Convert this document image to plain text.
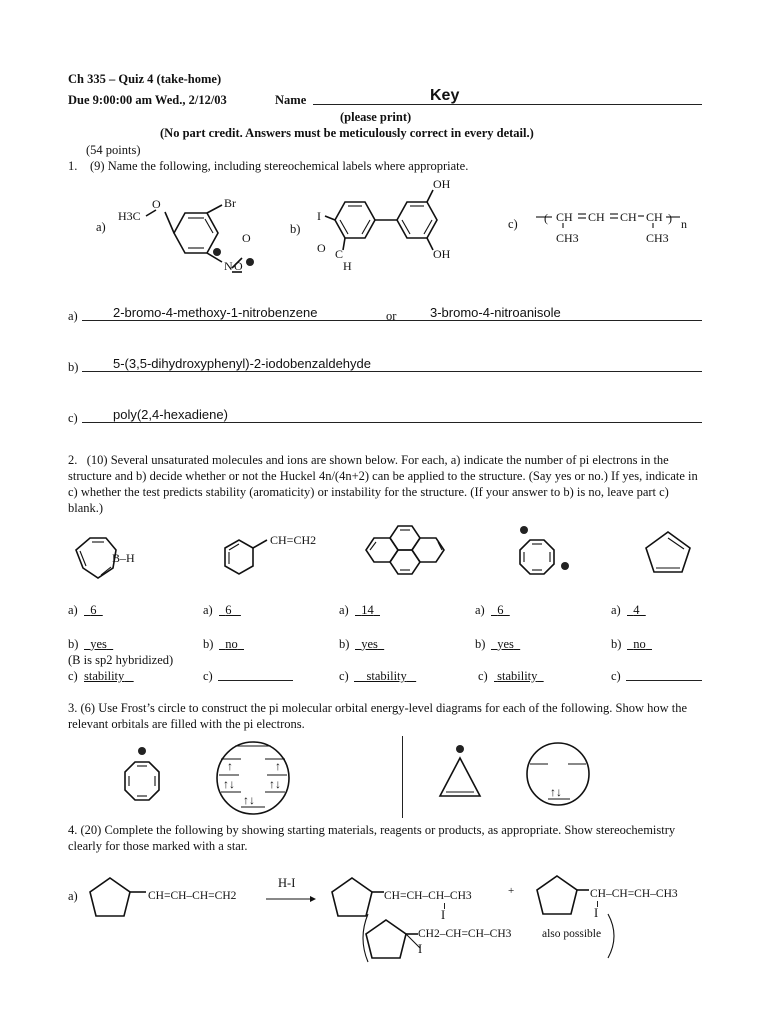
Ch 335 – Quiz 4 (take-home)
Due 9:00:00 am Wed., 2/12/03	Name	Key
(please print)
(No part credit. Answers must be meticulously correct in every detail.)
(54 points)
1. (9) Name the following, including stereochemical labels where appropriate.
a)
H3C
O	Br
N
O
O
b)
I
OH
OH
O C
H
c) ( CH CH CH CH ) n
CH3	CH3
a)	2-bromo-4-methoxy-1-nitrobenzene	or	3-bromo-4-nitroanisole
b)	5-(3,5-dihydroxyphenyl)-2-iodobenzaldehyde
c)	poly(2,4-hexadiene)

2. (10) Several unsaturated molecules and ions are shown below. For each, a) indicate the number of pi electrons in the structure and b) decide whether or not the Huckel 4n/(4n+2) can be applied to the structure. (Say yes or no.) If yes, indicate in c) whether the test predicts stability (aromaticity) or instability for the structure. (If your answer to b) is no, leave part c) blank.)

B–H
CH=CH2
a)	6	a)	6	a)	14	a)	6	a)	4
b) yes	b) no	b) yes	b) yes	b) no
(B is sp2 hybridized)
c) stability	c)	c)	stability	c) stability	c)

3. (6) Use Frost’s circle to construct the pi molecular orbital energy-level diagrams for each of the following. Show how the relevant orbitals are filled with the pi electrons.

↑	↑
↑↓	↑↓
↑↓
↑↓

4. (20) Complete the following by showing starting materials, reagents or products, as appropriate. Show stereochemistry clearly for those marked with a star.

a)	CH=CH–CH=CH2
H-I
CH=CH–CH–CH3
I
+	CH–CH=CH–CH3
I
CH2–CH=CH–CH3
I
also possible
